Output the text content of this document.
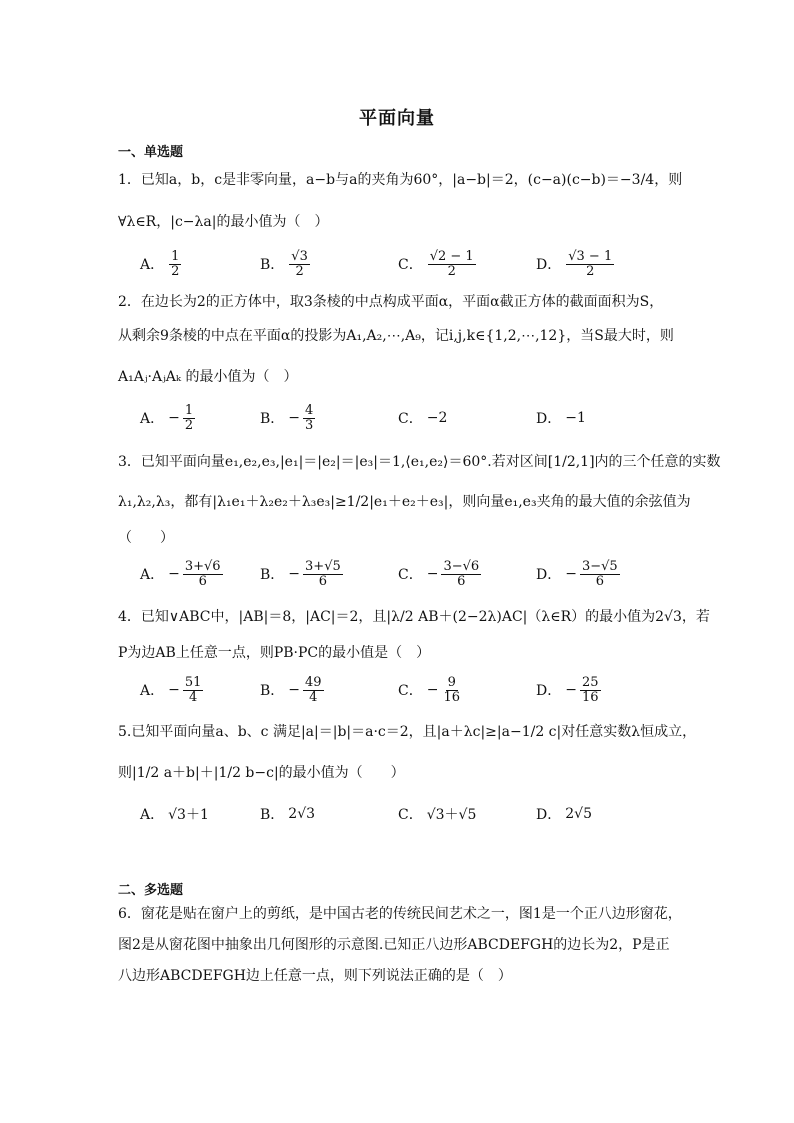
平面向量
一、单选题
1．已知a，b，c是非零向量，a−b与a的夹角为60°，|a−b|＝2，(c−a)(c−b)＝−3/4，则
∀λ∈R，|c−λa|的最小值为（　）
A． $\frac{1}{2}$	B． $\frac{√3}{2}$	C． $\frac{√2 - 1}{2}$	D． $\frac{√3 - 1}{2}$
2．在边长为2的正方体中，取3条棱的中点构成平面α，平面α截正方体的截面面积为S，
从剩余9条棱的中点在平面α的投影为A₁,A₂,⋯,A₉，记i,j,k∈{1,2,⋯,12}，当S最大时，则
A₁Aⱼ·AⱼAₖ 的最小值为（　）
A． − $\frac{1}{2}$	B． − $\frac{4}{3}$	C． −2	D． −1
3．已知平面向量e₁,e₂,e₃,|e₁|＝|e₂|＝|e₃|＝1,⟨e₁,e₂⟩＝60°.若对区间[1/2,1]内的三个任意的实数
λ₁,λ₂,λ₃，都有|λ₁e₁＋λ₂e₂＋λ₃e₃|≥1/2|e₁＋e₂＋e₃|，则向量e₁,e₃夹角的最大值的余弦值为
（　　）
A． − $\frac{3+√6}{6}$	B． − $\frac{3+√5}{6}$	C． − $\frac{3-√6}{6}$	D． − $\frac{3-√5}{6}$
4．已知∨ABC中，|AB|＝8，|AC|＝2，且|λ/2 AB＋(2−2λ)AC|（λ∈R）的最小值为2√3，若
P为边AB上任意一点，则PB·PC的最小值是（　）
A． − $\frac{51}{4}$	B． − $\frac{49}{4}$	C． − $\frac{9}{16}$	D． − $\frac{25}{16}$
5.已知平面向量a、b、c 满足|a|＝|b|＝a·c＝2，且|a＋λc|≥|a−1/2 c|对任意实数λ恒成立，
则|1/2 a＋b|＋|1/2 b−c|的最小值为（　　）
A． √3＋1	B． 2√3	C． √3＋√5	D． 2√5
二、多选题
6．窗花是贴在窗户上的剪纸，是中国古老的传统民间艺术之一，图1是一个正八边形窗花，
图2是从窗花图中抽象出几何图形的示意图.已知正八边形ABCDEFGH的边长为2，P是正
八边形ABCDEFGH边上任意一点，则下列说法正确的是（　）
